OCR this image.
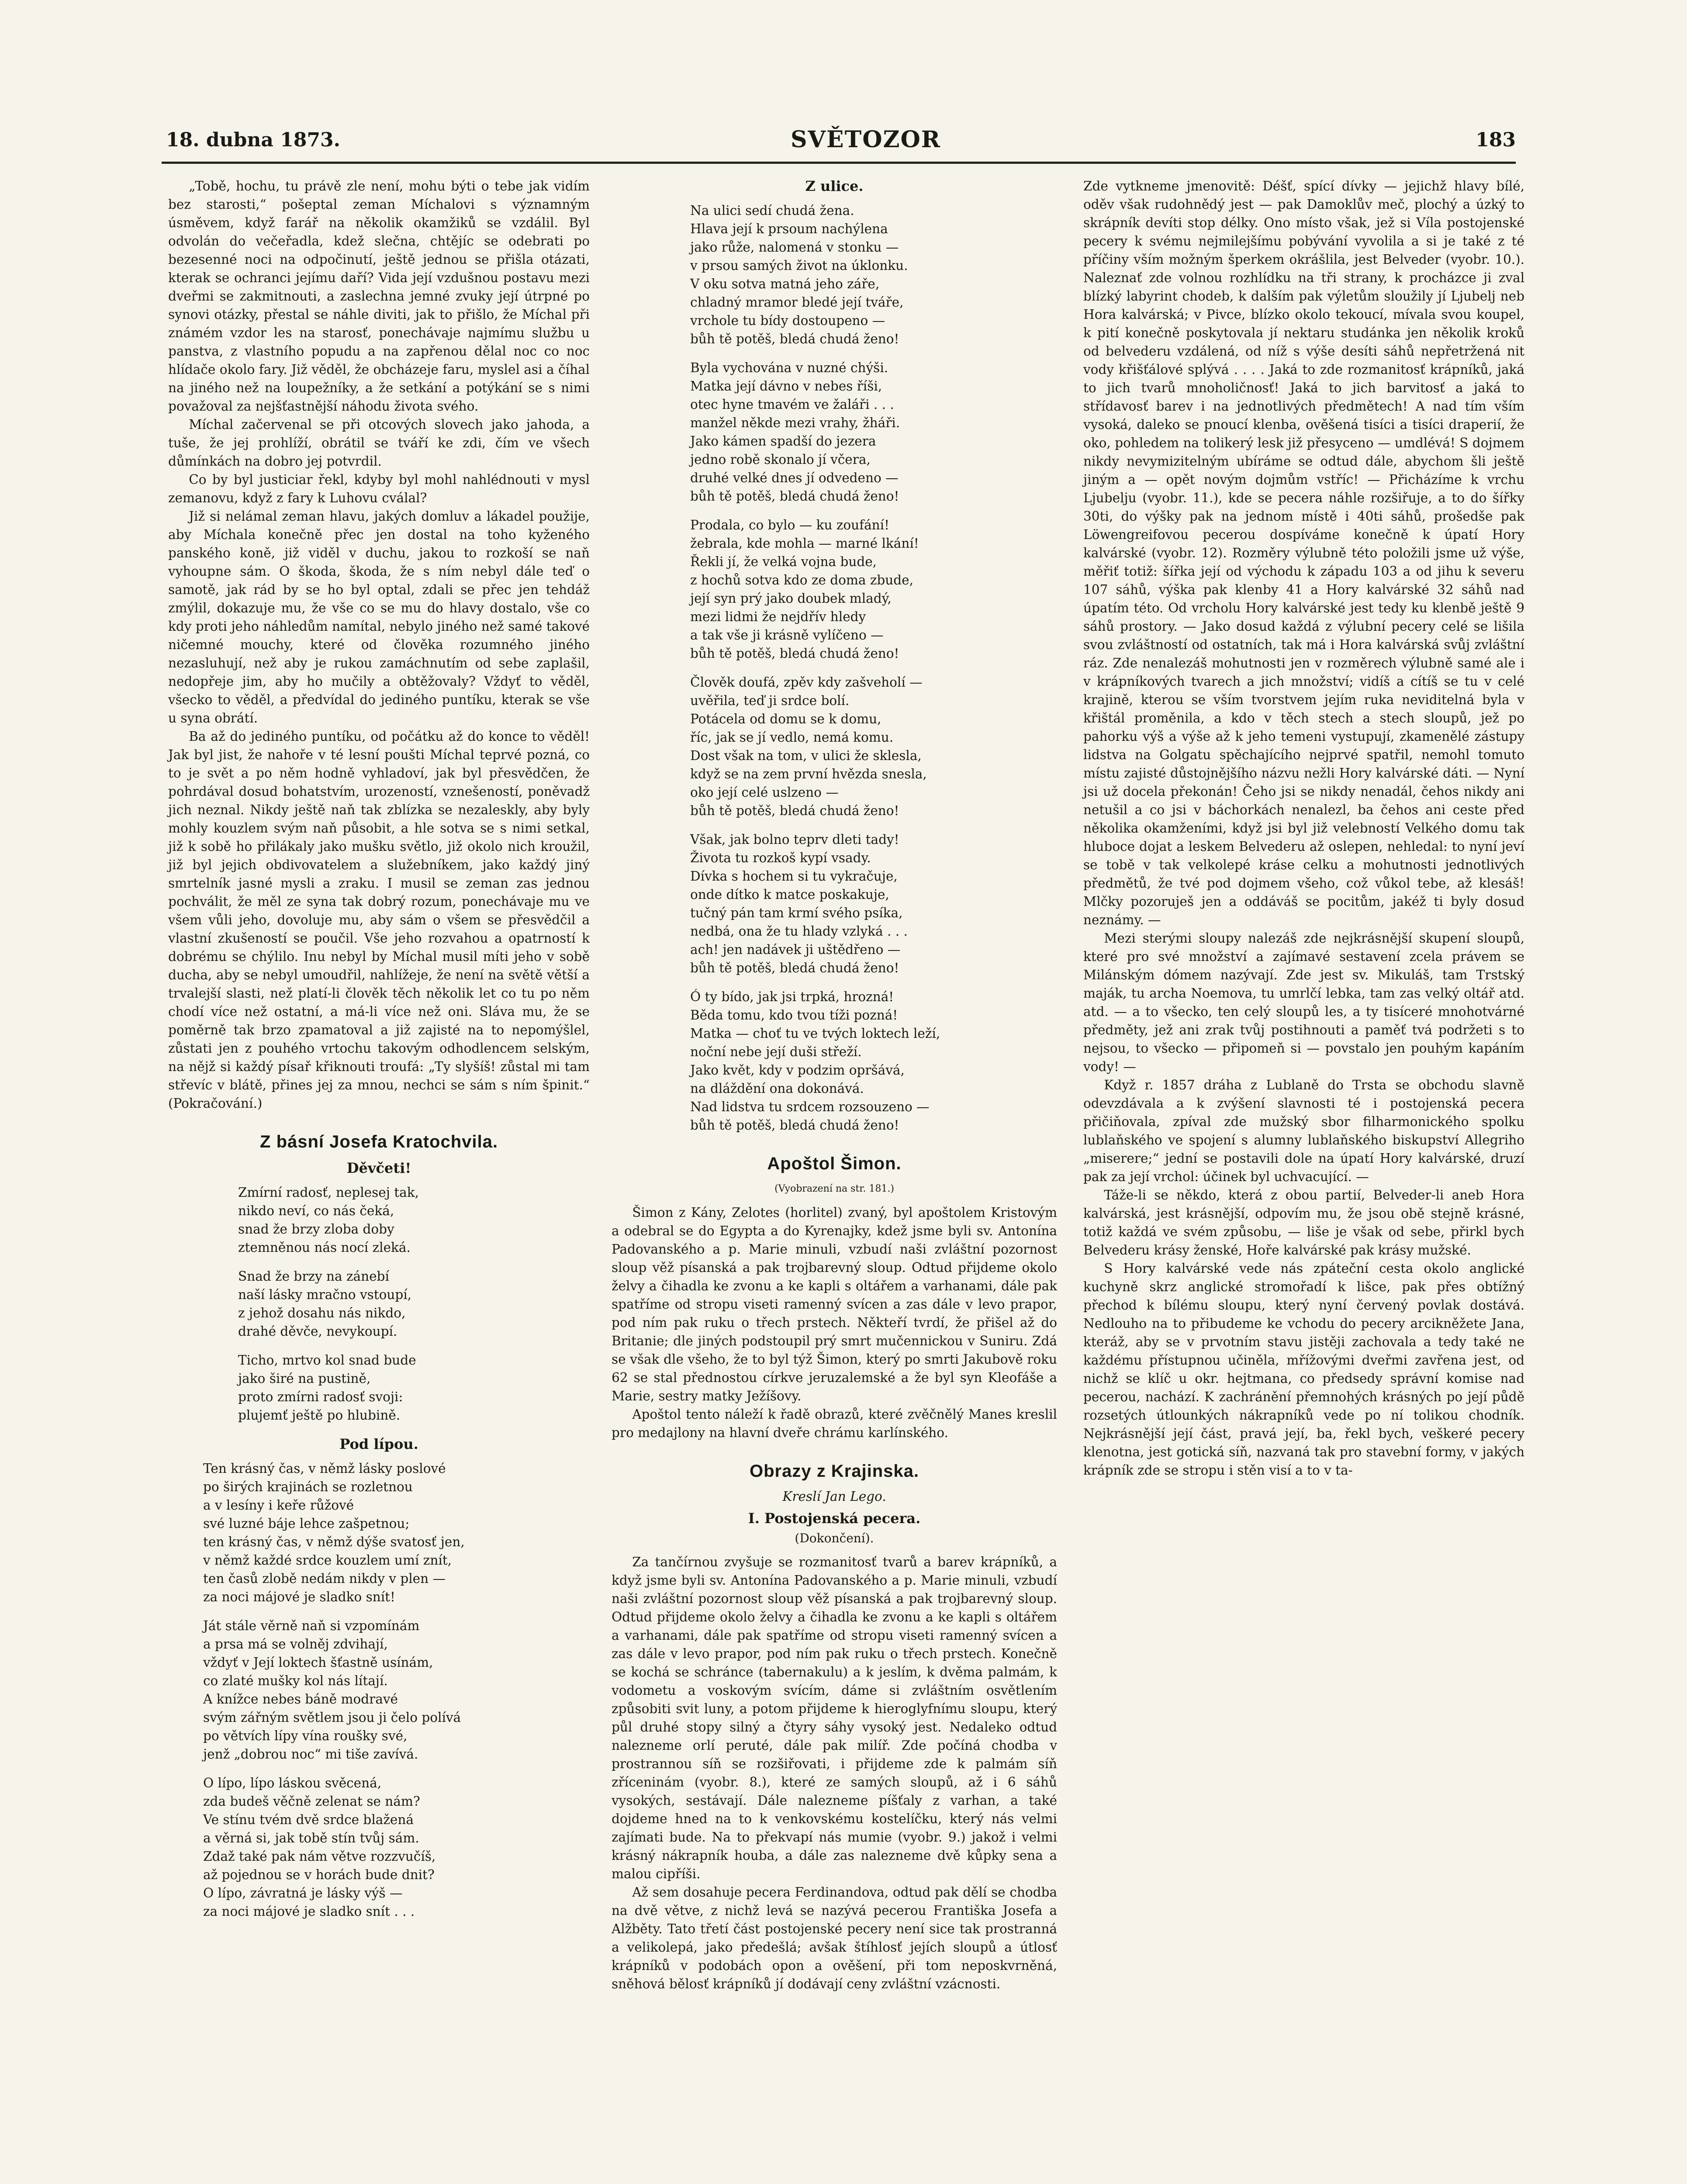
18. dubna 1873.	SVĚTOZOR	183

„Tobě, hochu, tu právě zle není, mohu býti o tebe jak vidím bez starosti,“ pošeptal zeman Míchalovi s významným úsměvem, když farář na několik okamžiků se vzdálil. Byl odvolán do večeřadla, kdež slečna, chtějíc se odebrati po bezesenné noci na odpočinutí, ještě jednou se přišla otázati, kterak se ochranci jejímu daří? Vida její vzdušnou postavu mezi dveřmi se zakmitnouti, a zaslechna jemné zvuky její útrpné po synovi otázky, přestal se náhle diviti, jak to přišlo, že Míchal při známém vzdor les na starosť, ponechávaje najmímu službu u panstva, z vlastního popudu a na zapřenou dělal noc co noc hlídače okolo fary. Již věděl, že obcházeje faru, myslel asi a číhal na jiného než na loupežníky, a že setkání a potýkání se s nimi považoval za nejšťastnější náhodu života svého.

Míchal začervenal se při otcových slovech jako jahoda, a tuše, že jej prohlíží, obrátil se tváří ke zdi, čím ve všech důmínkách na dobro jej potvrdil.

Co by byl justiciar řekl, kdyby byl mohl nahlédnouti v mysl zemanovu, když z fary k Luhovu cválal?

Již si nelámal zeman hlavu, jakých domluv a lákadel použije, aby Míchala konečně přec jen dostal na toho kyženého panského koně, již viděl v duchu, jakou to rozkoší se naň vyhoupne sám. O škoda, škoda, že s ním nebyl dále teď o samotě, jak rád by se ho byl optal, zdali se přec jen tehdáž zmýlil, dokazuje mu, že vše co se mu do hlavy dostalo, vše co kdy proti jeho náhledům namítal, nebylo jiného než samé takové ničemné mouchy, které od člověka rozumného jiného nezasluhují, než aby je rukou zamáchnutím od sebe zaplašil, nedopřeje jim, aby ho mučily a obtěžovaly? Vždyť to věděl, všecko to věděl, a předvídal do jediného puntíku, kterak se vše u syna obrátí.

Ba až do jediného puntíku, od počátku až do konce to věděl! Jak byl jist, že nahoře v té lesní poušti Míchal teprvé pozná, co to je svět a po něm hodně vyhladoví, jak byl přesvědčen, že pohrdával dosud bohatstvím, urozeností, vznešeností, poněvadž jich neznal. Nikdy ještě naň tak zblízka se nezaleskly, aby byly mohly kouzlem svým naň působit, a hle sotva se s nimi setkal, již k sobě ho přilákaly jako mušku světlo, již okolo nich kroužil, již byl jejich obdivovatelem a služebníkem, jako každý jiný smrtelník jasné mysli a zraku. I musil se zeman zas jednou pochválit, že měl ze syna tak dobrý rozum, ponechávaje mu ve všem vůli jeho, dovoluje mu, aby sám o všem se přesvědčil a vlastní zkušeností se poučil. Vše jeho rozvahou a opatrností k dobrému se chýlilo. Inu nebyl by Míchal musil míti jeho v sobě ducha, aby se nebyl umoudřil, nahlížeje, že není na světě větší a trvalejší slasti, než platí-li člověk těch několik let co tu po něm chodí více než ostatní, a má-li více než oni. Sláva mu, že se poměrně tak brzo zpamatoval a již zajisté na to nepomýšlel, zůstati jen z pouhého vrtochu takovým odhodlencem selským, na nějž si každý písař křiknouti troufá: „Ty slyšíš! zůstal mi tam střevíc v blátě, přines jej za mnou, nechci se sám s ním špinit.“ (Pokračování.)

Z básní Josefa Kratochvila.
Děvčeti!
Zmírní radosť, neplesej tak,
nikdo neví, co nás čeká,
snad že brzy zloba doby
ztemněnou nás nocí zleká.
Snad že brzy na zánebí
naší lásky mračno vstoupí,
z jehož dosahu nás nikdo,
drahé děvče, nevykoupí.
Ticho, mrtvo kol snad bude
jako širé na pustině,
proto zmírni radosť svoji:
plujemť ještě po hlubině.
Pod lípou.
Ten krásný čas, v němž lásky poslové
po širých krajinách se rozletnou
a v lesíny i keře růžové
své luzné báje lehce zašpetnou;
ten krásný čas, v němž dýše svatosť jen,
v němž každé srdce kouzlem umí znít,
ten časů zlobě nedám nikdy v plen —
za noci májové je sladko snít!
Ját stále věrně naň si vzpomínám
a prsa má se volněj zdvihají,
vždyť v Její loktech šťastně usínám,
co zlaté mušky kol nás lítají.
A knížce nebes báně modravé
svým zářným světlem jsou ji čelo polívá
po větvích lípy vína roušky své,
jenž „dobrou noc“ mi tiše zavívá.
O lípo, lípo láskou svěcená,
zda budeš věčně zelenat se nám?
Ve stínu tvém dvě srdce blažená
a věrná si, jak tobě stín tvůj sám.
Zdaž také pak nám větve rozzvučíš,
až pojednou se v horách bude dnit?
O lípo, závratná je lásky výš —
za noci májové je sladko snít . . .
Z ulice.
Na ulici sedí chudá žena.
Hlava její k prsoum nachýlena
jako růže, nalomená v stonku —
v prsou samých život na úklonku.
V oku sotva matná jeho záře,
chladný mramor bledé její tváře,
vrchole tu bídy dostoupeno —
bůh tě potěš, bledá chudá ženo!
Byla vychována v nuzné chýši.
Matka její dávno v nebes říši,
otec hyne tmavém ve žaláři . . .
manžel někde mezi vrahy, žháři.
Jako kámen spadší do jezera
jedno robě skonalo jí včera,
druhé velké dnes jí odvedeno —
bůh tě potěš, bledá chudá ženo!
Prodala, co bylo — ku zoufání!
žebrala, kde mohla — marné lkání!
Řekli jí, že velká vojna bude,
z hochů sotva kdo ze doma zbude,
její syn prý jako doubek mladý,
mezi lidmi že nejdřív hledy
a tak vše ji krásně vylíčeno —
bůh tě potěš, bledá chudá ženo!
Člověk doufá, zpěv kdy zašveholí —
uvěřila, teď ji srdce bolí.
Potácela od domu se k domu,
říc, jak se jí vedlo, nemá komu.
Dost však na tom, v ulici že sklesla,
když se na zem první hvězda snesla,
oko její celé uslzeno —
bůh tě potěš, bledá chudá ženo!
Však, jak bolno teprv dleti tady!
Života tu rozkoš kypí vsady.
Dívka s hochem si tu vykračuje,
onde dítko k matce poskakuje,
tučný pán tam krmí svého psíka,
nedbá, ona že tu hlady vzlyká . . .
ach! jen nadávek ji uštědřeno —
bůh tě potěš, bledá chudá ženo!
Ó ty bído, jak jsi trpká, hrozná!
Běda tomu, kdo tvou tíži pozná!
Matka — choť tu ve tvých loktech leží,
noční nebe její duši střeží.
Jako květ, kdy v podzim opršává,
na dláždění ona dokonává.
Nad lidstva tu srdcem rozsouzeno —
bůh tě potěš, bledá chudá ženo!
Apoštol Šimon.
(Vyobrazení na str. 181.)

Šimon z Kány, Zelotes (horlitel) zvaný, byl apoštolem Kristovým a odebral se do Egypta a do Kyrenajky, kdež jsme byli sv. Antonína Padovanského a p. Marie minuli, vzbudí naši zvláštní pozornost sloup věž písanská a pak trojbarevný sloup. Odtud přijdeme okolo želvy a čihadla ke zvonu a ke kapli s oltářem a varhanami, dále pak spatříme od stropu viseti ramenný svícen a zas dále v levo prapor, pod ním pak ruku o třech prstech. Někteří tvrdí, že přišel až do Britanie; dle jiných podstoupil prý smrt mučennickou v Suniru. Zdá se však dle všeho, že to byl týž Šimon, který po smrti Jakubově roku 62 se stal přednostou církve jeruzalemské a že byl syn Kleofáše a Marie, sestry matky Ježíšovy.

Apoštol tento náleží k řadě obrazů, které zvěčnělý Manes kreslil pro medajlony na hlavní dveře chrámu karlínského.

Obrazy z Krajinska.
Kreslí Jan Lego.
I. Postojenská pecera.
(Dokončení).

Za tančírnou zvyšuje se rozmanitosť tvarů a barev krápníků, a když jsme byli sv. Antonína Padovanského a p. Marie minuli, vzbudí naši zvláštní pozornost sloup věž písanská a pak trojbarevný sloup. Odtud přijdeme okolo želvy a čihadla ke zvonu a ke kapli s oltářem a varhanami, dále pak spatříme od stropu viseti ramenný svícen a zas dále v levo prapor, pod ním pak ruku o třech prstech. Konečně se kochá se schránce (tabernakulu) a k jeslím, k dvěma palmám, k vodometu a voskovým svícím, dáme si zvláštním osvětlením způsobiti svit luny, a potom přijdeme k hieroglyfnímu sloupu, který půl druhé stopy silný a čtyry sáhy vysoký jest. Nedaleko odtud nalezneme orlí peruté, dále pak milíř. Zde počíná chodba v prostrannou síň se rozšiřovati, i přijdeme zde k palmám síň zříceninám (vyobr. 8.), které ze samých sloupů, až i 6 sáhů vysokých, sestávají. Dále nalezneme píšťaly z varhan, a také dojdeme hned na to k venkovskému kostelíčku, který nás velmi zajímati bude. Na to překvapí nás mumie (vyobr. 9.) jakož i velmi krásný nákrapník houba, a dále zas nalezneme dvě kůpky sena a malou cipříši.

Až sem dosahuje pecera Ferdinandova, odtud pak dělí se chodba na dvě větve, z nichž levá se nazývá pecerou Františka Josefa a Alžběty. Tato třetí část postojenské pecery není sice tak prostranná a velikolepá, jako předešlá; avšak štíhlosť jejích sloupů a útlosť krápníků v podobách opon a ověšení, při tom neposkvrněná, sněhová bělosť krápníků jí dodávají ceny zvláštní vzácnosti.

Zde vytkneme jmenovitě: Déšť, spící dívky — jejichž hlavy bílé, oděv však rudohnědý jest — pak Damoklův meč, plochý a úzký to skrápník devíti stop délky. Ono místo však, jež si Víla postojenské pecery k svému nejmilejšímu pobývání vyvolila a si je také z té příčiny vším možným šperkem okrášlila, jest Belveder (vyobr. 10.). Naleznať zde volnou rozhlídku na tři strany, k procházce ji zval blízký labyrint chodeb, k dalším pak výletům sloužily jí Ljubelj neb Hora kalvárská; v Pivce, blízko okolo tekoucí, mívala svou koupel, k pití konečně poskytovala jí nektaru studánka jen několik kroků od belvederu vzdálená, od níž s výše desíti sáhů nepřetržená nit vody křišťálové splývá . . . . Jaká to zde rozmanitosť krápníků, jaká to jich tvarů mnoholičnosť! Jaká to jich barvitosť a jaká to střídavosť barev i na jednotlivých předmětech! A nad tím vším vysoká, daleko se pnoucí klenba, ověšená tisíci a tisíci draperií, že oko, pohledem na tolikerý lesk již přesyceno — umdlévá! S dojmem nikdy nevymizitelným ubíráme se odtud dále, abychom šli ještě jiným a — opět novým dojmům vstříc! — Přicházíme k vrchu Ljubelju (vyobr. 11.), kde se pecera náhle rozšiřuje, a to do šířky 30ti, do výšky pak na jednom místě i 40ti sáhů, prošedše pak Löwengreifovou pecerou dospíváme konečně k úpatí Hory kalvárské (vyobr. 12). Rozměry výlubně této položili jsme už výše, měřiť totiž: šířka její od východu k západu 103 a od jihu k severu 107 sáhů, výška pak klenby 41 a Hory kalvárské 32 sáhů nad úpatím této. Od vrcholu Hory kalvárské jest tedy ku klenbě ještě 9 sáhů prostory. — Jako dosud každá z výlubní pecery celé se lišila svou zvláštností od ostatních, tak má i Hora kalvárská svůj zvláštní ráz. Zde nenalezáš mohutnosti jen v rozměrech výlubně samé ale i v krápníkových tvarech a jich množství; vidíš a cítíš se tu v celé krajině, kterou se vším tvorstvem jejím ruka neviditelná byla v křištál proměnila, a kdo v těch stech a stech sloupů, jež po pahorku výš a výše až k jeho temeni vystupují, zkamenělé zástupy lidstva na Golgatu spěchajícího nejprvé spatřil, nemohl tomuto místu zajisté důstojnějšího názvu nežli Hory kalvárské dáti. — Nyní jsi už docela překonán! Čeho jsi se nikdy nenadál, čehos nikdy ani netušil a co jsi v báchorkách nenalezl, ba čehos ani ceste před několika okamženími, když jsi byl již velebností Velkého domu tak hluboce dojat a leskem Belvederu až oslepen, nehledal: to nyní jeví se tobě v tak velkolepé kráse celku a mohutnosti jednotlivých předmětů, že tvé pod dojmem všeho, což vůkol tebe, až klesáš! Mlčky pozoruješ jen a oddáváš se pocitům, jakéž ti byly dosud neznámy. —

Mezi sterými sloupy nalezáš zde nejkrásnější skupení sloupů, které pro své množství a zajímavé sestavení zcela právem se Milánským dómem nazývají. Zde jest sv. Mikuláš, tam Trstský maják, tu archa Noemova, tu umrlčí lebka, tam zas velký oltář atd. atd. — a to všecko, ten celý sloupů les, a ty tisíceré mnohotvárné předměty, jež ani zrak tvůj postihnouti a paměť tvá podržeti s to nejsou, to všecko — připomeň si — povstalo jen pouhým kapáním vody! —

Když r. 1857 dráha z Lublaně do Trsta se obchodu slavně odevzdávala a k zvýšení slavnosti té i postojenská pecera přičiňovala, zpíval zde mužský sbor filharmonického spolku lublaňského ve spojení s alumny lublaňského biskupství Allegriho „miserere;“ jední se postavili dole na úpatí Hory kalvárské, druzí pak za její vrchol: účinek byl uchvacující. —

Táže-li se někdo, která z obou partií, Belveder-li aneb Hora kalvárská, jest krásnější, odpovím mu, že jsou obě stejně krásné, totiž každá ve svém způsobu, — liše je však od sebe, přirkl bych Belvederu krásy ženské, Hoře kalvárské pak krásy mužské.

S Hory kalvárské vede nás zpáteční cesta okolo anglické kuchyně skrz anglické stromořadí k lišce, pak přes obtížný přechod k bílému sloupu, který nyní červený povlak dostává. Nedlouho na to přibudeme ke vchodu do pecery arcikněžete Jana, kteráž, aby se v prvotním stavu jistěji zachovala a tedy také ne každému přístupnou učiněla, mřížovými dveřmi zavřena jest, od nichž se klíč u okr. hejtmana, co předsedy správní komise nad pecerou, nachází. K zachránění přemnohých krásných po její půdě rozsetých útlounkých nákrapníků vede po ní tolikou chodník. Nejkrásnější její část, pravá její, ba, řekl bych, veškeré pecery klenotna, jest gotická síň, nazvaná tak pro stavební formy, v jakých krápník zde se stropu i stěn visí a to v ta-
